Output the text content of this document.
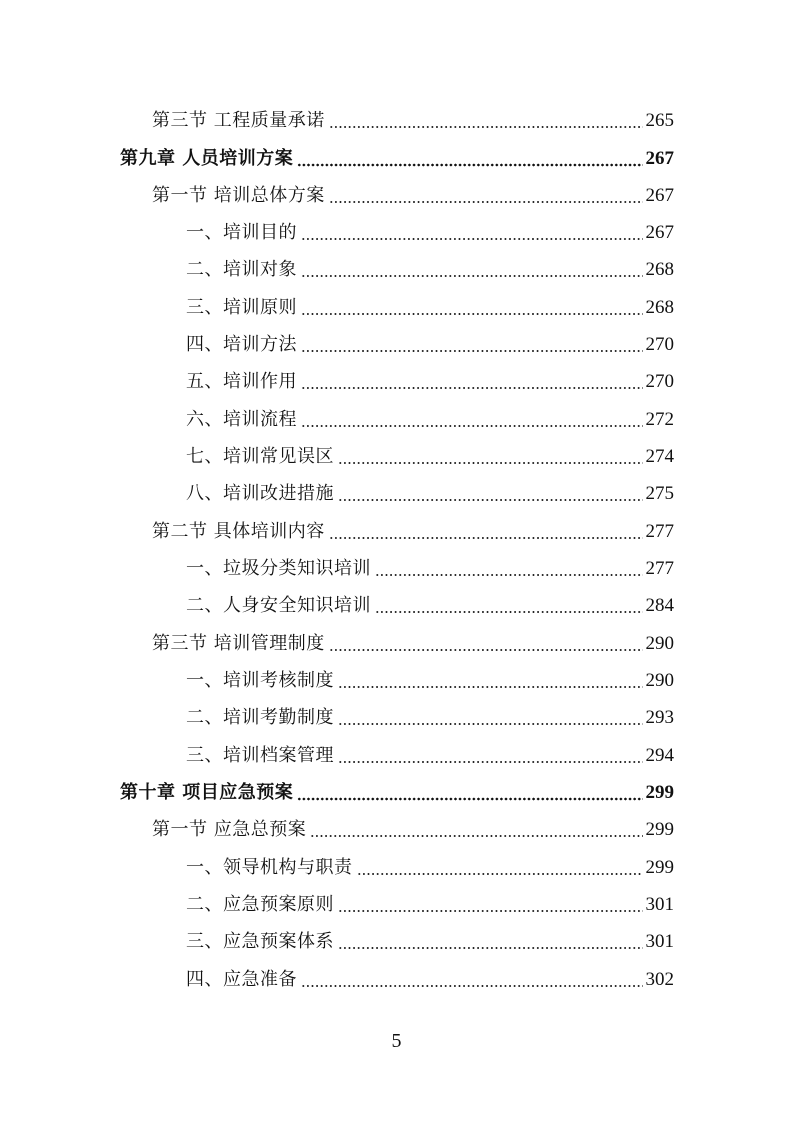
第三节 工程质量承诺	265
第九章 人员培训方案	267
第一节 培训总体方案	267
一、培训目的	267
二、培训对象	268
三、培训原则	268
四、培训方法	270
五、培训作用	270
六、培训流程	272
七、培训常见误区	274
八、培训改进措施	275
第二节 具体培训内容	277
一、垃圾分类知识培训	277
二、人身安全知识培训	284
第三节 培训管理制度	290
一、培训考核制度	290
二、培训考勤制度	293
三、培训档案管理	294
第十章 项目应急预案	299
第一节 应急总预案	299
一、领导机构与职责	299
二、应急预案原则	301
三、应急预案体系	301
四、应急准备	302
5
